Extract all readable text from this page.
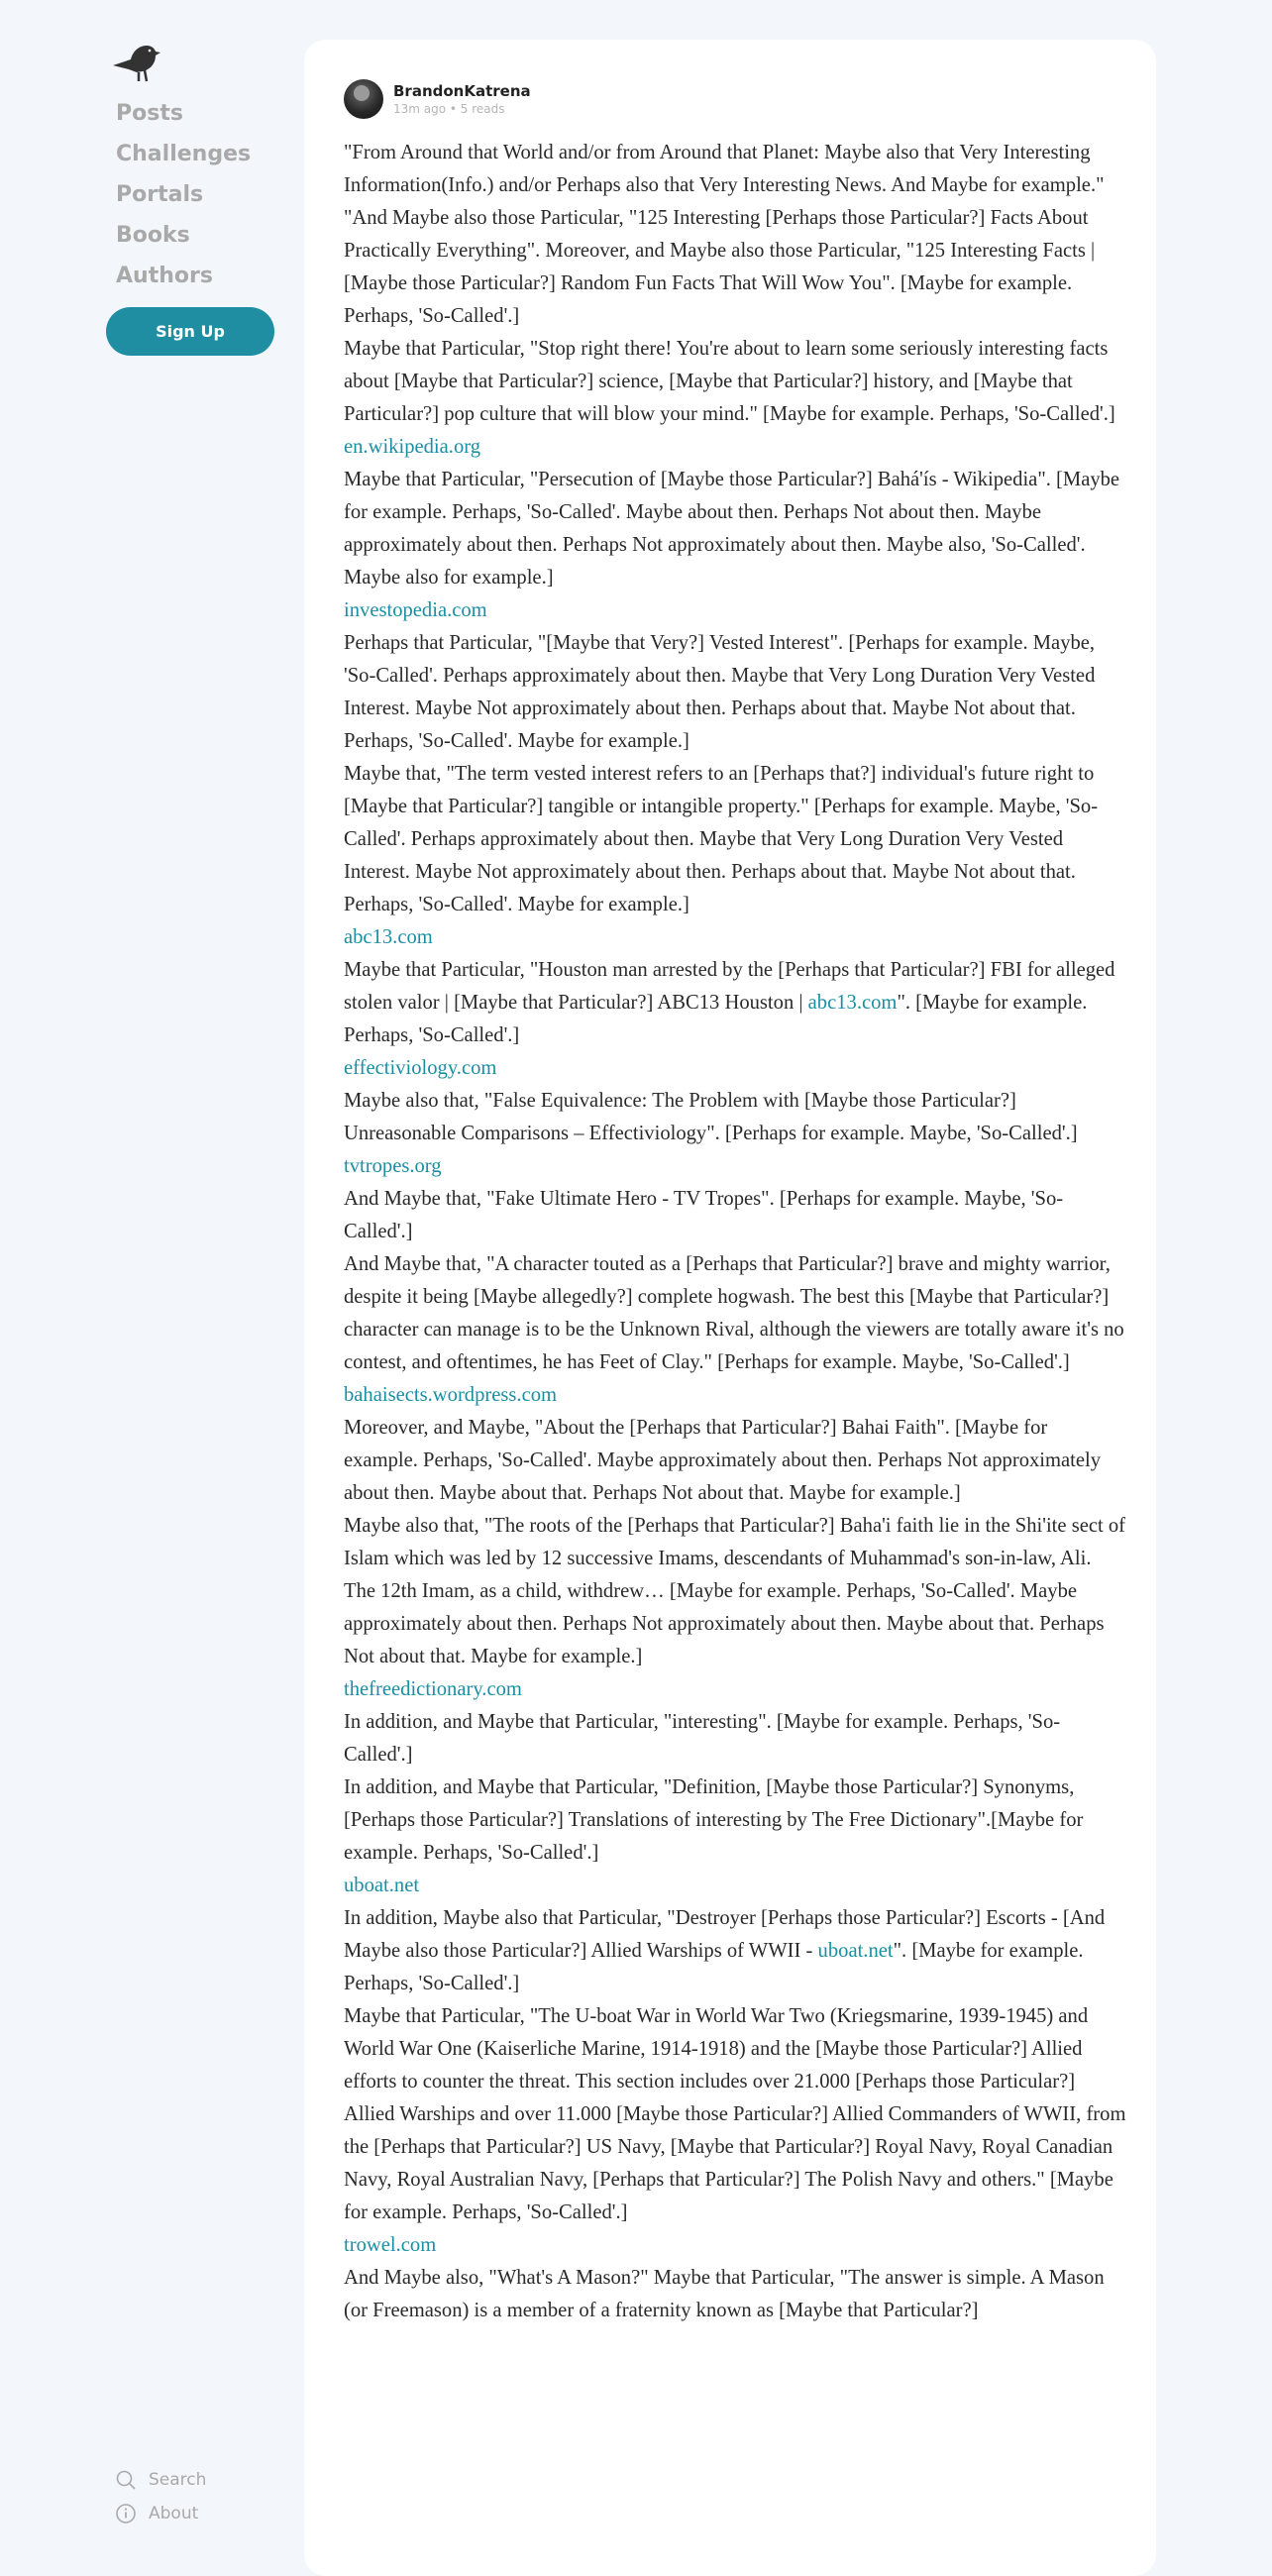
Posts
Challenges
Portals
Books
Authors
Sign Up
Search
About
BrandonKatrena
13m ago • 5 reads

"From Around that World and/or from Around that Planet: Maybe also that Very Interesting Information(Info.) and/or Perhaps also that Very Interesting News. And Maybe for example."

"And Maybe also those Particular, "125 Interesting [Perhaps those Particular?] Facts About Practically Everything". Moreover, and Maybe also those Particular, "125 Interesting Facts | [Maybe those Particular?] Random Fun Facts That Will Wow You". [Maybe for example. Perhaps, 'So-Called'.]

Maybe that Particular, "Stop right there! You're about to learn some seriously interesting facts about [Maybe that Particular?] science, [Maybe that Particular?] history, and [Maybe that Particular?] pop culture that will blow your mind." [Maybe for example. Perhaps, 'So-Called'.]

en.wikipedia.org

Maybe that Particular, "Persecution of [Maybe those Particular?] Bahá'ís - Wikipedia". [Maybe for example. Perhaps, 'So-Called'. Maybe about then. Perhaps Not about then. Maybe approximately about then. Perhaps Not approximately about then. Maybe also, 'So-Called'. Maybe also for example.]

investopedia.com

Perhaps that Particular, "[Maybe that Very?] Vested Interest". [Perhaps for example. Maybe, 'So-Called'. Perhaps approximately about then. Maybe that Very Long Duration Very Vested Interest. Maybe Not approximately about then. Perhaps about that. Maybe Not about that. Perhaps, 'So-Called'. Maybe for example.]

Maybe that, "The term vested interest refers to an [Perhaps that?] individual's future right to [Maybe that Particular?] tangible or intangible property." [Perhaps for example. Maybe, 'So-Called'. Perhaps approximately about then. Maybe that Very Long Duration Very Vested Interest. Maybe Not approximately about then. Perhaps about that. Maybe Not about that. Perhaps, 'So-Called'. Maybe for example.]

abc13.com

Maybe that Particular, "Houston man arrested by the [Perhaps that Particular?] FBI for alleged stolen valor | [Maybe that Particular?] ABC13 Houston | abc13.com". [Maybe for example. Perhaps, 'So-Called'.]

effectiviology.com

Maybe also that, "False Equivalence: The Problem with [Maybe those Particular?] Unreasonable Comparisons – Effectiviology". [Perhaps for example. Maybe, 'So-Called'.]

tvtropes.org

And Maybe that, "Fake Ultimate Hero - TV Tropes". [Perhaps for example. Maybe, 'So-Called'.]

And Maybe that, "A character touted as a [Perhaps that Particular?] brave and mighty warrior, despite it being [Maybe allegedly?] complete hogwash. The best this [Maybe that Particular?] character can manage is to be the Unknown Rival, although the viewers are totally aware it's no contest, and oftentimes, he has Feet of Clay." [Perhaps for example. Maybe, 'So-Called'.]

bahaisects.wordpress.com

Moreover, and Maybe, "About the [Perhaps that Particular?] Bahai Faith". [Maybe for example. Perhaps, 'So-Called'. Maybe approximately about then. Perhaps Not approximately about then. Maybe about that. Perhaps Not about that. Maybe for example.]

Maybe also that, "The roots of the [Perhaps that Particular?] Baha'i faith lie in the Shi'ite sect of Islam which was led by 12 successive Imams, descendants of Muhammad's son-in-law, Ali. The 12th Imam, as a child, withdrew… [Maybe for example. Perhaps, 'So-Called'. Maybe approximately about then. Perhaps Not approximately about then. Maybe about that. Perhaps Not about that. Maybe for example.]

thefreedictionary.com

In addition, and Maybe that Particular, "interesting". [Maybe for example. Perhaps, 'So-Called'.]

In addition, and Maybe that Particular, "Definition, [Maybe those Particular?] Synonyms, [Perhaps those Particular?] Translations of interesting by The Free Dictionary".[Maybe for example. Perhaps, 'So-Called'.]

uboat.net

In addition, Maybe also that Particular, "Destroyer [Perhaps those Particular?] Escorts - [And Maybe also those Particular?] Allied Warships of WWII - uboat.net". [Maybe for example. Perhaps, 'So-Called'.]

Maybe that Particular, "The U-boat War in World War Two (Kriegsmarine, 1939-1945) and World War One (Kaiserliche Marine, 1914-1918) and the [Maybe those Particular?] Allied efforts to counter the threat. This section includes over 21.000 [Perhaps those Particular?] Allied Warships and over 11.000 [Maybe those Particular?] Allied Commanders of WWII, from the [Perhaps that Particular?] US Navy, [Maybe that Particular?] Royal Navy, Royal Canadian Navy, Royal Australian Navy, [Perhaps that Particular?] The Polish Navy and others." [Maybe for example. Perhaps, 'So-Called'.]

trowel.com

And Maybe also, "What's A Mason?" Maybe that Particular, "The answer is simple. A Mason (or Freemason) is a member of a fraternity known as [Maybe that Particular?]
